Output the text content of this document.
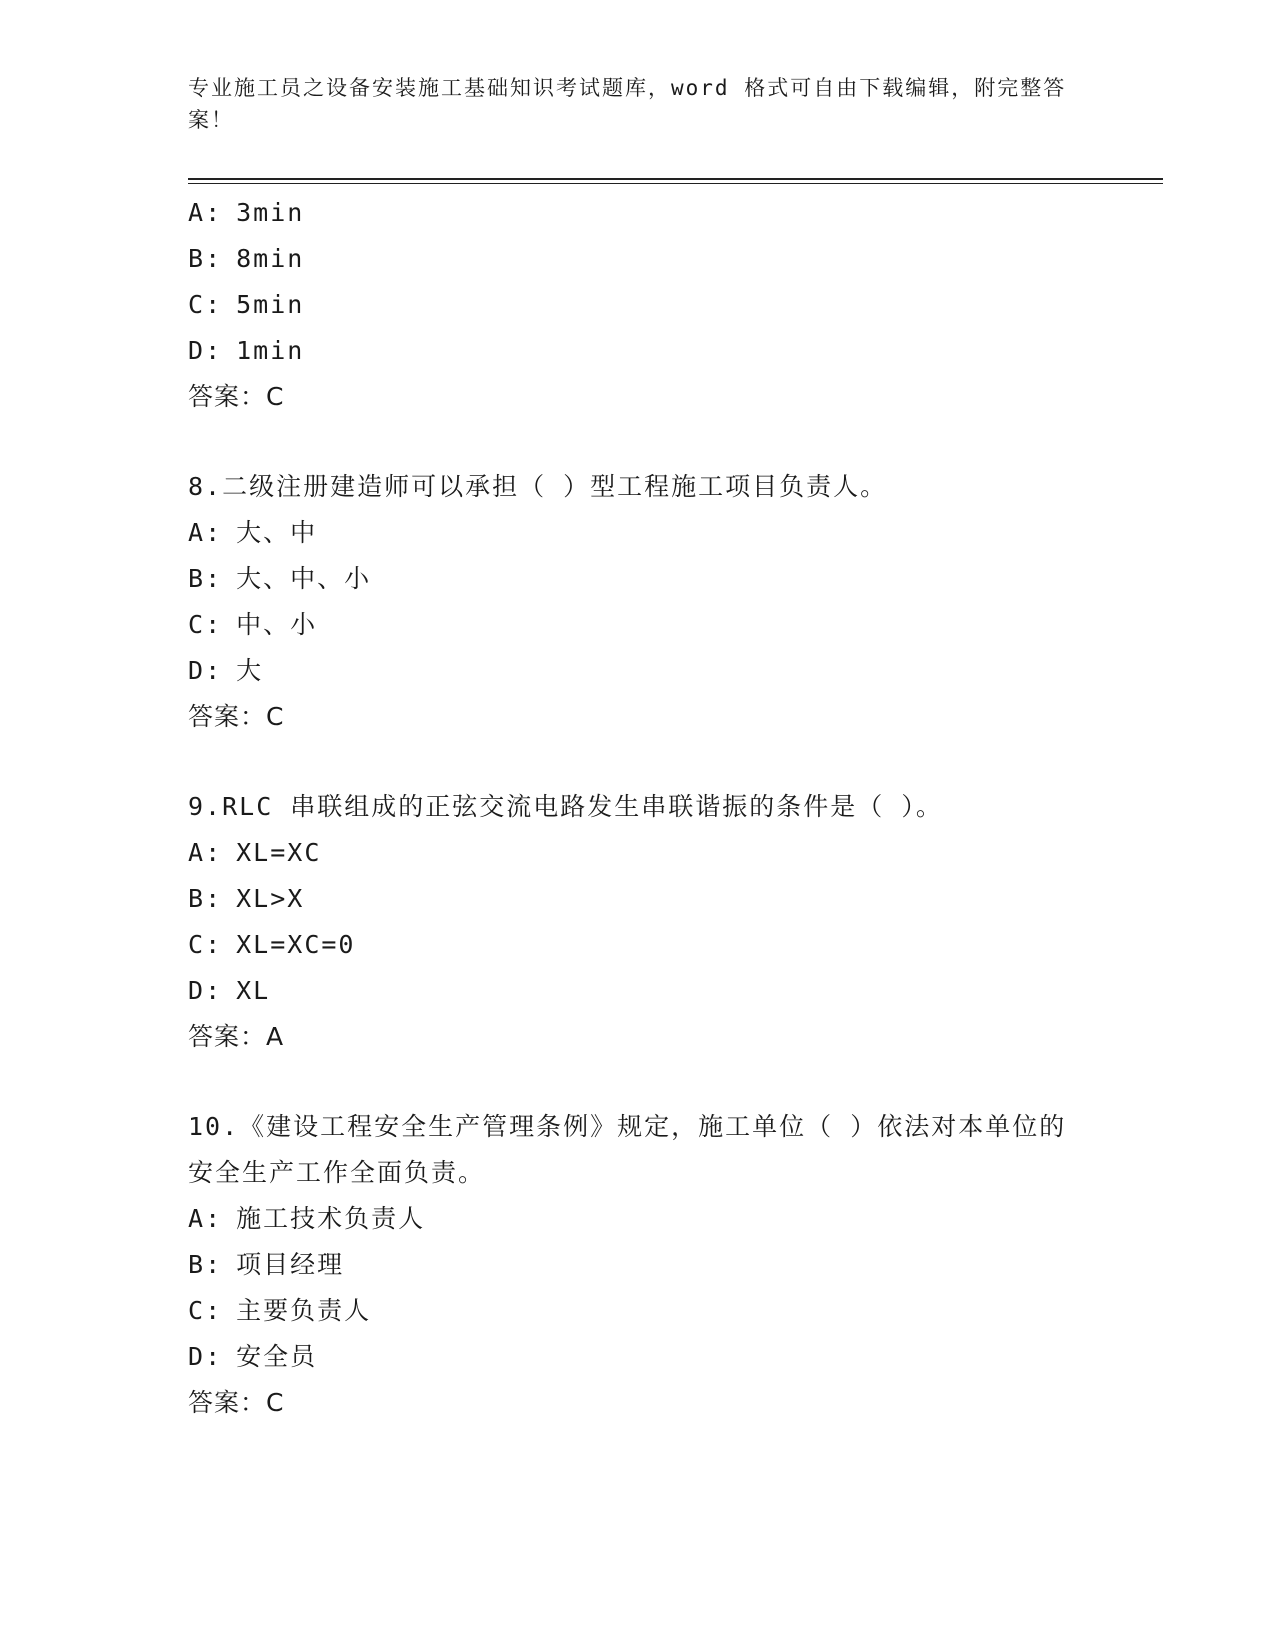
专业施工员之设备安装施工基础知识考试题库，word 格式可自由下载编辑，附完整答案！
A: 3min
B: 8min
C: 5min
D: 1min
答案：C
8.二级注册建造师可以承担（ ）型工程施工项目负责人。
A: 大、中
B: 大、中、小
C: 中、小
D: 大
答案：C
9.RLC 串联组成的正弦交流电路发生串联谐振的条件是（ ）。
A: XL=XC
B: XL>X
C: XL=XC=0
D: XL
答案：A
10.《建设工程安全生产管理条例》规定，施工单位（ ）依法对本单位的安全生产工作全面负责。
A: 施工技术负责人
B: 项目经理
C: 主要负责人
D: 安全员
答案：C
